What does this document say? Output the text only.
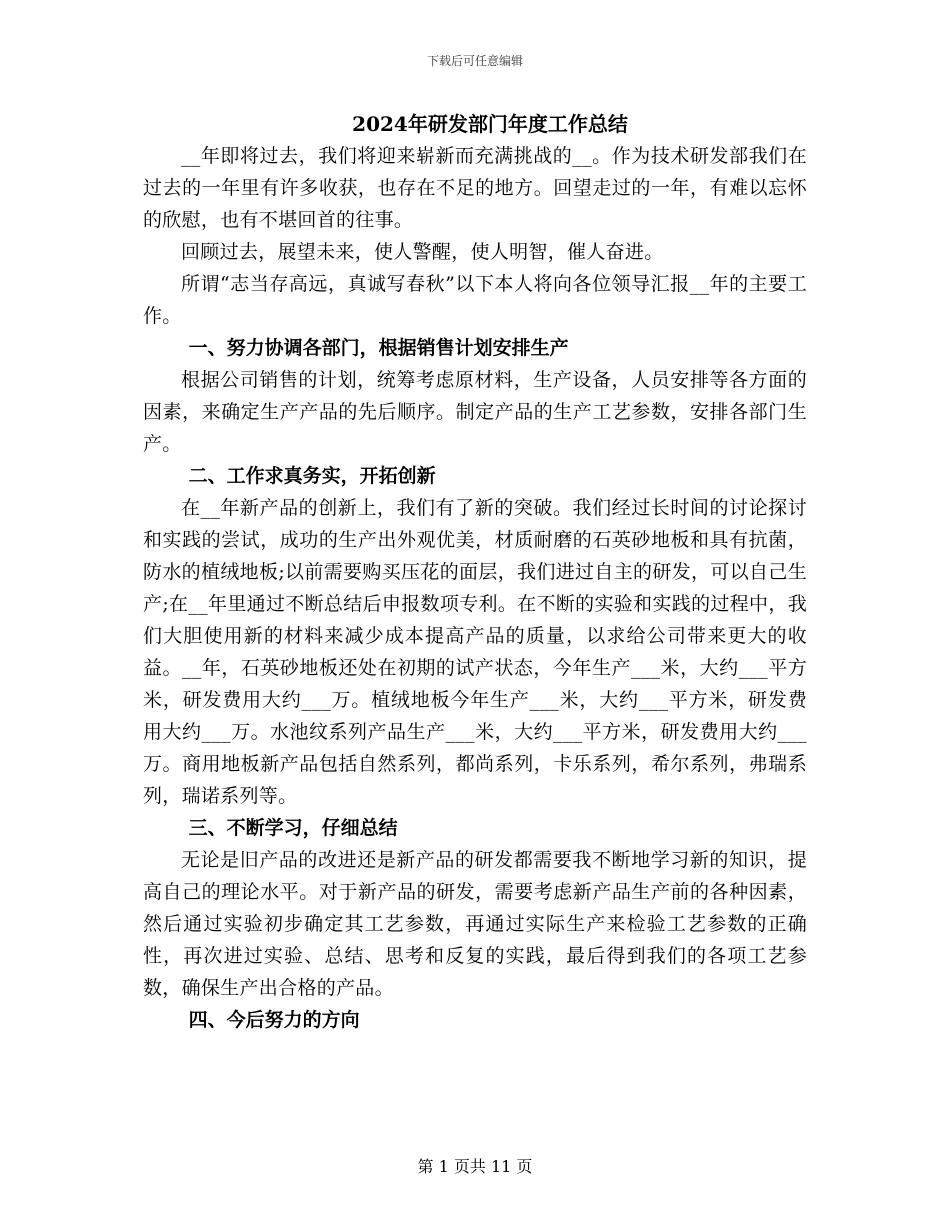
下载后可任意编辑

2024年研发部门年度工作总结

__年即将过去，我们将迎来崭新而充满挑战的__。作为技术研发部我们在过去的一年里有许多收获，也存在不足的地方。回望走过的一年，有难以忘怀的欣慰，也有不堪回首的往事。

回顾过去，展望未来，使人警醒，使人明智，催人奋进。

所谓“志当存高远，真诚写春秋”以下本人将向各位领导汇报__年的主要工作。

一、努力协调各部门，根据销售计划安排生产

根据公司销售的计划，统筹考虑原材料，生产设备，人员安排等各方面的因素，来确定生产产品的先后顺序。制定产品的生产工艺参数，安排各部门生产。

二、工作求真务实，开拓创新

在__年新产品的创新上，我们有了新的突破。我们经过长时间的讨论探讨和实践的尝试，成功的生产出外观优美，材质耐磨的石英砂地板和具有抗菌，防水的植绒地板;以前需要购买压花的面层，我们进过自主的研发，可以自己生产;在__年里通过不断总结后申报数项专利。在不断的实验和实践的过程中，我们大胆使用新的材料来减少成本提高产品的质量，以求给公司带来更大的收益。__年，石英砂地板还处在初期的试产状态，今年生产___米，大约___平方米，研发费用大约___万。植绒地板今年生产___米，大约___平方米，研发费用大约___万。水池纹系列产品生产___米，大约___平方米，研发费用大约___万。商用地板新产品包括自然系列，都尚系列，卡乐系列，希尔系列，弗瑞系列，瑞诺系列等。

三、不断学习，仔细总结

无论是旧产品的改进还是新产品的研发都需要我不断地学习新的知识，提高自己的理论水平。对于新产品的研发，需要考虑新产品生产前的各种因素，然后通过实验初步确定其工艺参数，再通过实际生产来检验工艺参数的正确性，再次进过实验、总结、思考和反复的实践，最后得到我们的各项工艺参数，确保生产出合格的产品。

四、今后努力的方向

第 1 页共 11 页
